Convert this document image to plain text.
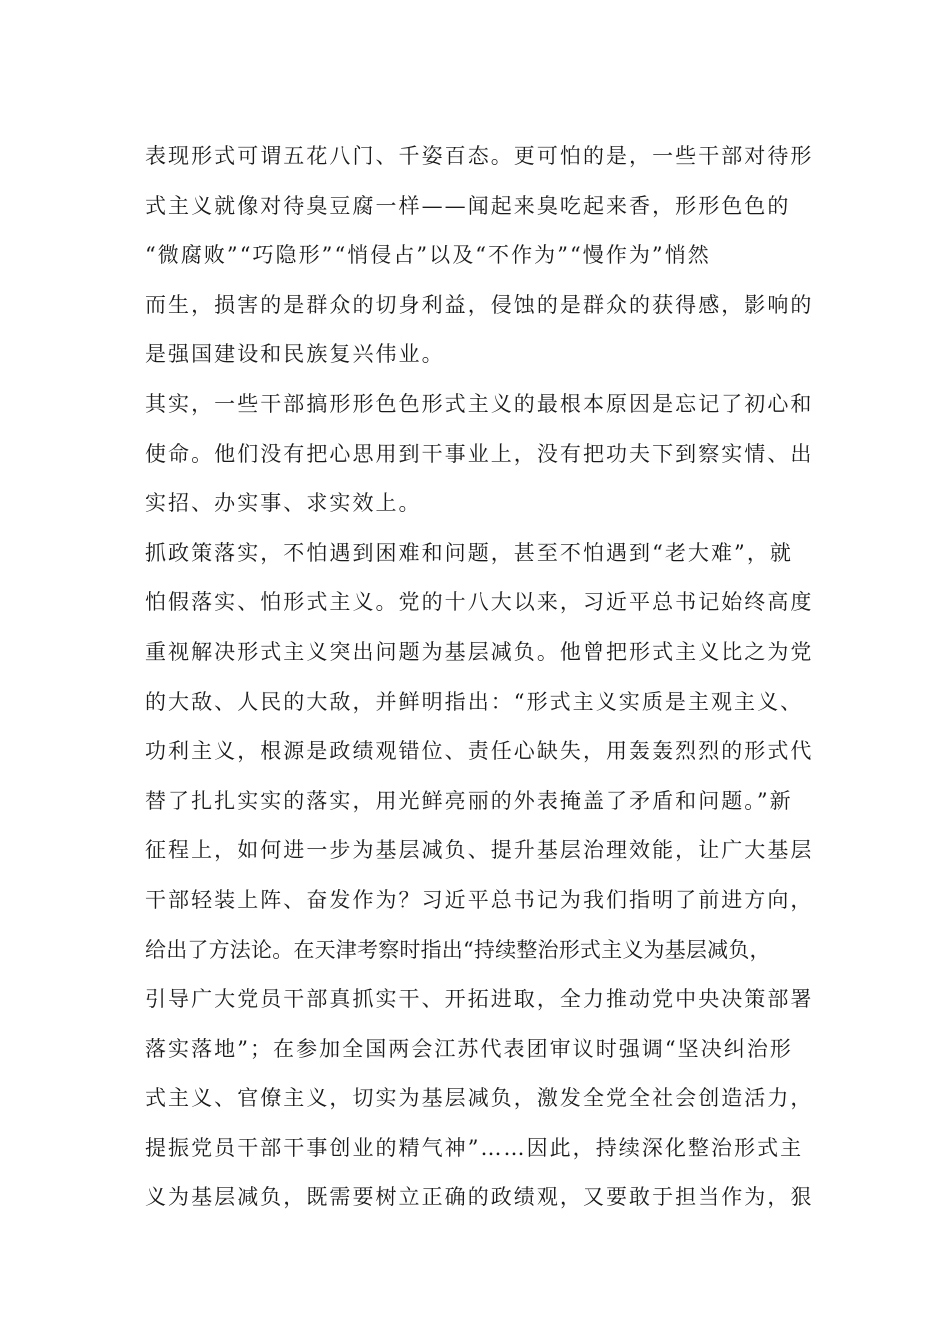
表现形式可谓五花八门、千姿百态。更可怕的是，一些干部对待形

式主义就像对待臭豆腐一样——闻起来臭吃起来香，形形色色的

“微腐败”“巧隐形”“悄侵占”以及“不作为”“慢作为”悄然

而生，损害的是群众的切身利益，侵蚀的是群众的获得感，影响的

是强国建设和民族复兴伟业。

其实，一些干部搞形形色色形式主义的最根本原因是忘记了初心和

使命。他们没有把心思用到干事业上，没有把功夫下到察实情、出

实招、办实事、求实效上。

抓政策落实，不怕遇到困难和问题，甚至不怕遇到“老大难”，就

怕假落实、怕形式主义。党的十八大以来，习近平总书记始终高度

重视解决形式主义突出问题为基层减负。他曾把形式主义比之为党

的大敌、人民的大敌，并鲜明指出：“形式主义实质是主观主义、

功利主义，根源是政绩观错位、责任心缺失，用轰轰烈烈的形式代

替了扎扎实实的落实，用光鲜亮丽的外表掩盖了矛盾和问题。”新

征程上，如何进一步为基层减负、提升基层治理效能，让广大基层

干部轻装上阵、奋发作为？习近平总书记为我们指明了前进方向，

给出了方法论。在天津考察时指出“持续整治形式主义为基层减负，

引导广大党员干部真抓实干、开拓进取，全力推动党中央决策部署

落实落地”；在参加全国两会江苏代表团审议时强调“坚决纠治形

式主义、官僚主义，切实为基层减负，激发全党全社会创造活力，

提振党员干部干事创业的精气神”……因此，持续深化整治形式主

义为基层减负，既需要树立正确的政绩观，又要敢于担当作为，狠
